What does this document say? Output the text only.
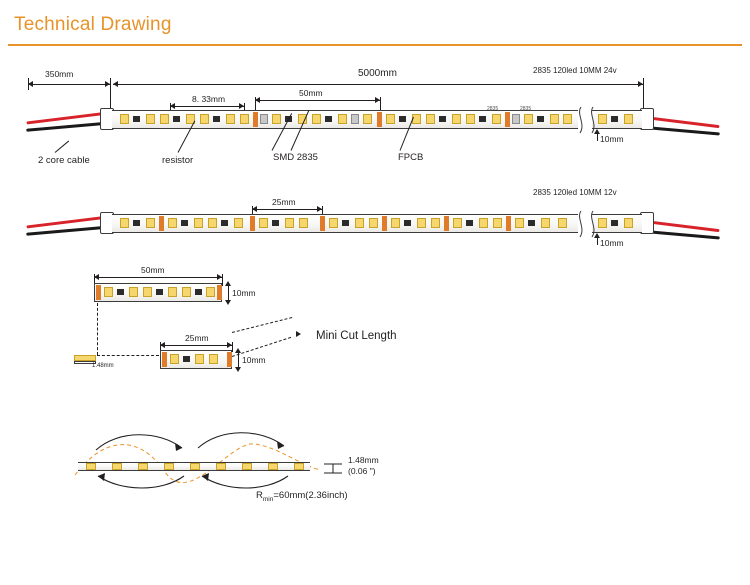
Technical Drawing
2835 120led 10MM 24v
350mm	5000mm
8. 33mm
50mm
2835	2835
10mm
2 core cable	resistor	SMD 2835	FPCB
2835 120led 10MM 12v
25mm
10mm
50mm
10mm
25mm
10mm
1.48mm
Mini Cut Length
1.48mm
(0.06 ")
$R_{min}=60mm(2.36inch)$
